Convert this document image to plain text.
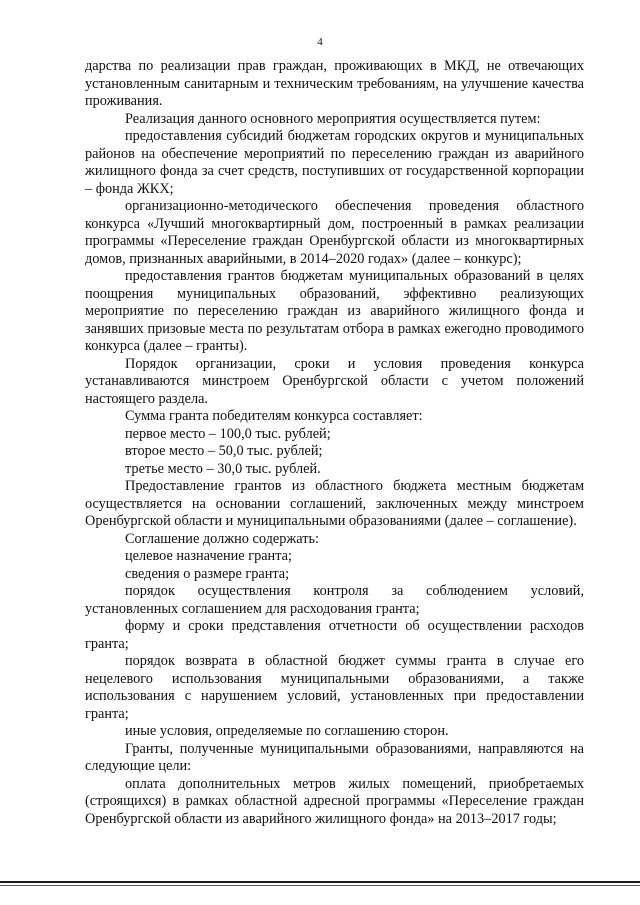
4

дарства по реализации прав граждан, проживающих в МКД, не отвечающих установленным санитарным и техническим требованиям, на улучшение качества проживания.

Реализация данного основного мероприятия осуществляется путем:

предоставления субсидий бюджетам городских округов и муниципальных районов на обеспечение мероприятий по переселению граждан из аварийного жилищного фонда за счет средств, поступивших от государственной корпорации – фонда ЖКХ;

организационно-методического обеспечения проведения областного конкурса «Лучший многоквартирный дом, построенный в рамках реализации программы «Переселение граждан Оренбургской области из многоквартирных домов, признанных аварийными, в 2014–2020 годах» (далее – конкурс);

предоставления грантов бюджетам муниципальных образований в целях поощрения муниципальных образований, эффективно реализующих мероприятие по переселению граждан из аварийного жилищного фонда и занявших призовые места по результатам отбора в рамках ежегодно проводимого конкурса (далее – гранты).

Порядок организации, сроки и условия проведения конкурса устанавливаются минстроем Оренбургской области с учетом положений настоящего раздела.

Сумма гранта победителям конкурса составляет:

первое место – 100,0 тыс. рублей;

второе место – 50,0 тыс. рублей;

третье место – 30,0 тыс. рублей.

Предоставление грантов из областного бюджета местным бюджетам осуществляется на основании соглашений, заключенных между минстроем Оренбургской области и муниципальными образованиями (далее – соглашение).

Соглашение должно содержать:

целевое назначение гранта;

сведения о размере гранта;

порядок осуществления контроля за соблюдением условий, установленных соглашением для расходования гранта;

форму и сроки представления отчетности об осуществлении расходов гранта;

порядок возврата в областной бюджет суммы гранта в случае его нецелевого использования муниципальными образованиями, а также использования с нарушением условий, установленных при предоставлении гранта;

иные условия, определяемые по соглашению сторон.

Гранты, полученные муниципальными образованиями, направляются на следующие цели:

оплата дополнительных метров жилых помещений, приобретаемых (строящихся) в рамках областной адресной программы «Переселение граждан Оренбургской области из аварийного жилищного фонда» на 2013–2017 годы;
